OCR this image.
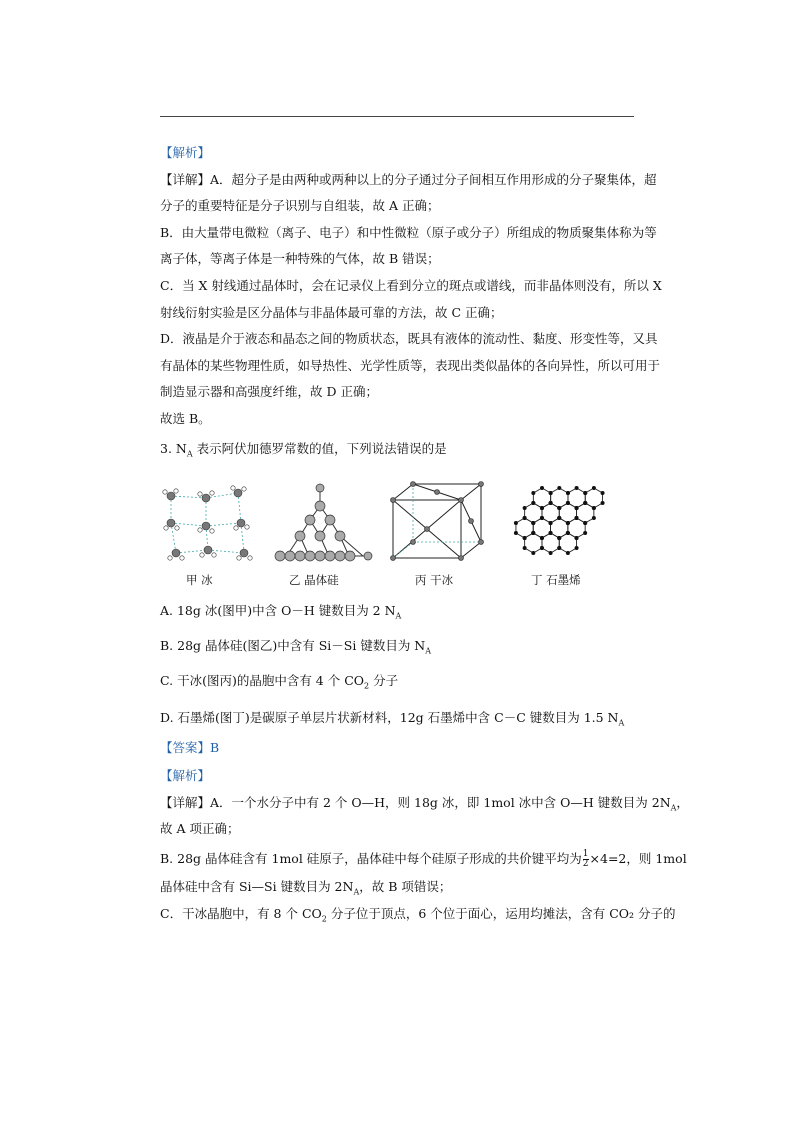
【解析】
【详解】A．超分子是由两种或两种以上的分子通过分子间相互作用形成的分子聚集体，超
分子的重要特征是分子识别与自组装，故 A 正确；
B．由大量带电微粒（离子、电子）和中性微粒（原子或分子）所组成的物质聚集体称为等
离子体，等离子体是一种特殊的气体，故 B 错误；
C．当 X 射线通过晶体时，会在记录仪上看到分立的斑点或谱线，而非晶体则没有，所以 X
射线衍射实验是区分晶体与非晶体最可靠的方法，故 C 正确；
D．液晶是介于液态和晶态之间的物质状态，既具有液体的流动性、黏度、形变性等，又具
有晶体的某些物理性质，如导热性、光学性质等，表现出类似晶体的各向异性，所以可用于
制造显示器和高强度纤维，故 D 正确；
故选 B。
3. $N_A$ 表示阿伏加德罗常数的值，下列说法错误的是
A. 18g 冰(图甲)中含 O－H 键数目为 2 $N_A$
B. 28g 晶体硅(图乙)中含有 Si－Si 键数目为 $N_A$
C. 干冰(图丙)的晶胞中含有 4 个 $CO_2$ 分子
D. 石墨烯(图丁)是碳原子单层片状新材料，12g 石墨烯中含 C－C 键数目为 1.5 $N_A$
【答案】B
【解析】
【详解】A．一个水分子中有 2 个 O—H，则 18g 冰，即 1mol 冰中含 O—H 键数目为 $2N_A$，
故 A 项正确；
B. 28g 晶体硅含有 1mol 硅原子，晶体硅中每个硅原子形成的共价键平均为 $\frac{1}{2} \times 4=2$，则 1mol
晶体硅中含有 Si—Si 键数目为 $2N_A$，故 B 项错误；
C．干冰晶胞中，有 8 个 $CO_2$ 分子位于顶点，6 个位于面心，运用均摊法，含有 CO₂ 分子的
甲 冰	乙 晶体硅	丙 干冰	丁 石墨烯
